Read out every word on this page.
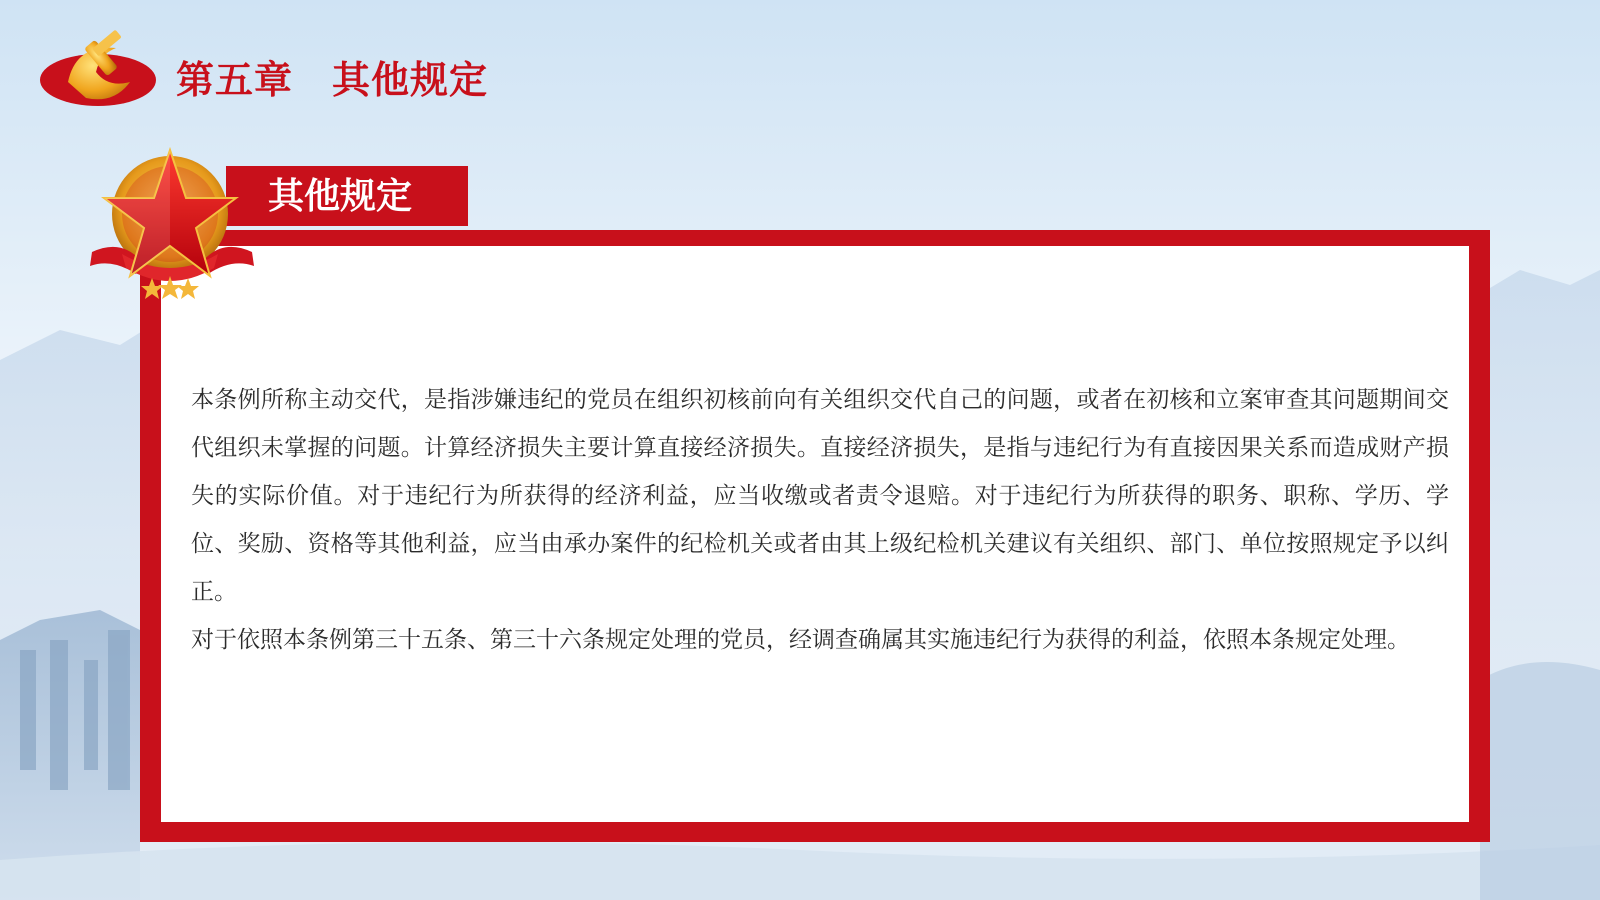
第五章　其他规定

本条例所称主动交代，是指涉嫌违纪的党员在组织初核前向有关组织交代自己的问题，或者在初核和立案审查其问题期间交代组织未掌握的问题。计算经济损失主要计算直接经济损失。直接经济损失，是指与违纪行为有直接因果关系而造成财产损失的实际价值。对于违纪行为所获得的经济利益，应当收缴或者责令退赔。对于违纪行为所获得的职务、职称、学历、学位、奖励、资格等其他利益，应当由承办案件的纪检机关或者由其上级纪检机关建议有关组织、部门、单位按照规定予以纠正。

对于依照本条例第三十五条、第三十六条规定处理的党员，经调查确属其实施违纪行为获得的利益，依照本条规定处理。

其他规定
